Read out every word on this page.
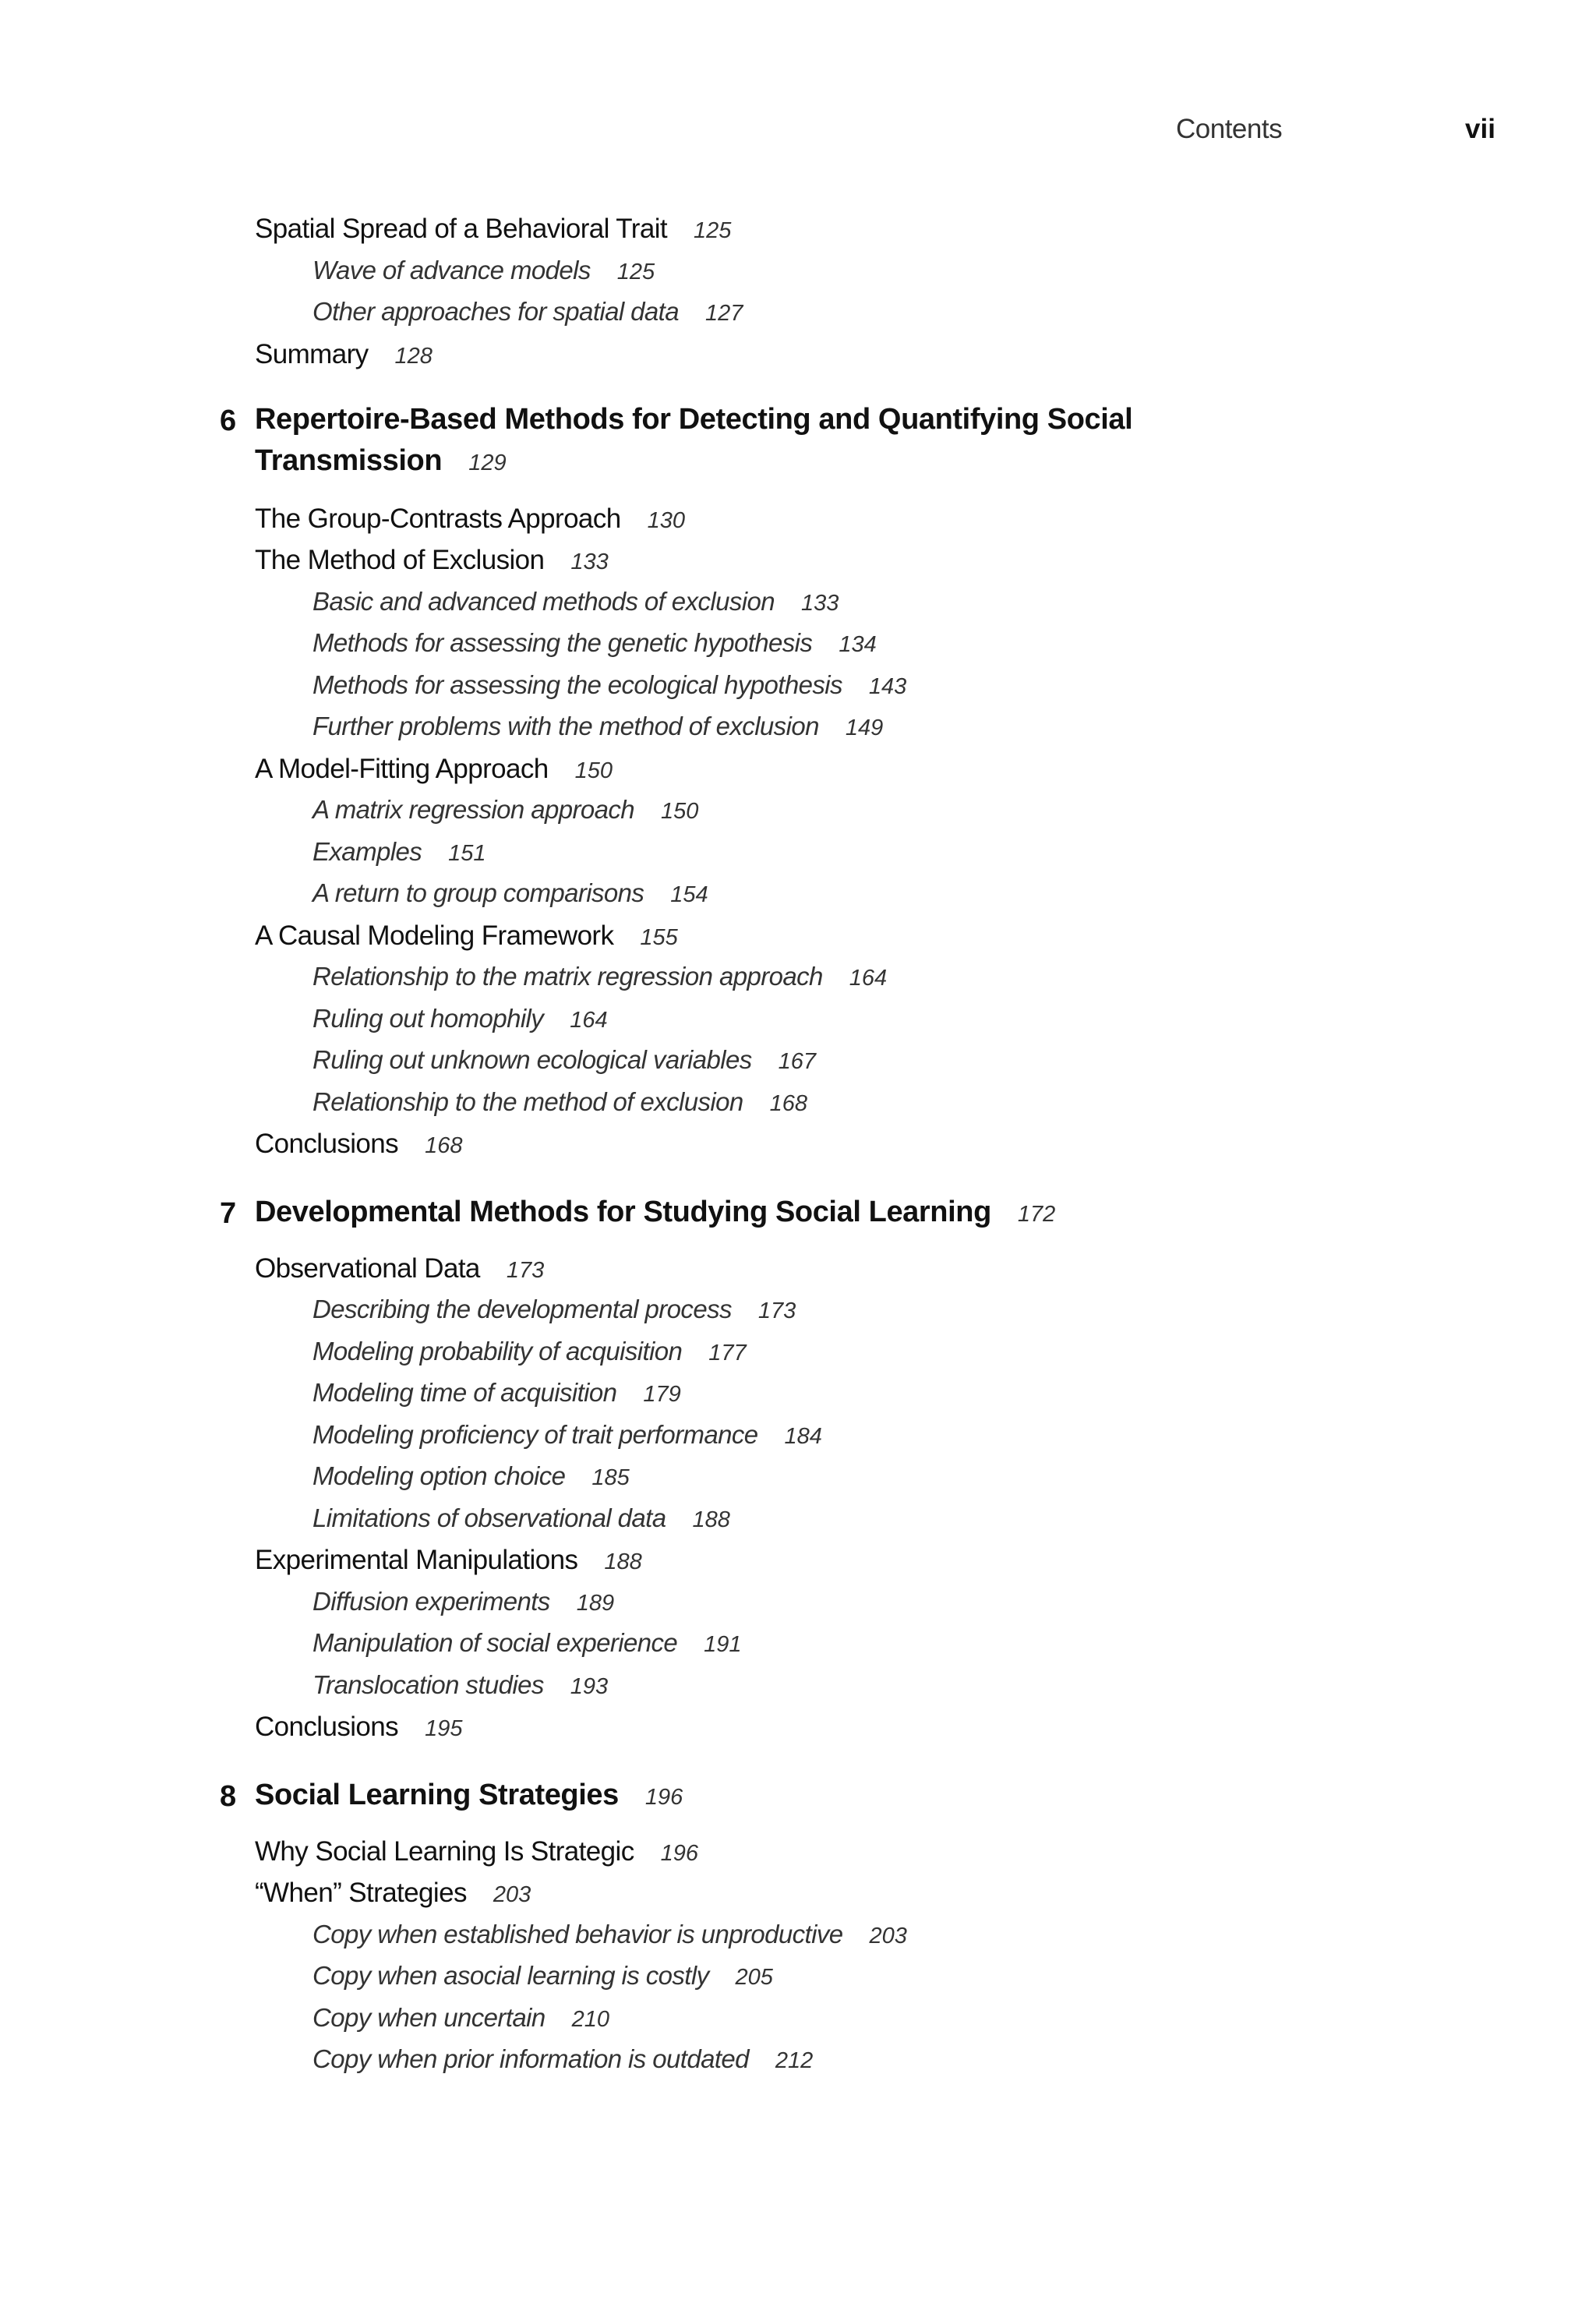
Contents	vii
Spatial Spread of a Behavioral Trait 125
Wave of advance models 125
Other approaches for spatial data 127
Summary 128
6 Repertoire-Based Methods for Detecting and Quantifying Social
Transmission 129
The Group-Contrasts Approach 130
The Method of Exclusion 133
Basic and advanced methods of exclusion 133
Methods for assessing the genetic hypothesis 134
Methods for assessing the ecological hypothesis 143
Further problems with the method of exclusion 149
A Model-Fitting Approach 150
A matrix regression approach 150
Examples 151
A return to group comparisons 154
A Causal Modeling Framework 155
Relationship to the matrix regression approach 164
Ruling out homophily 164
Ruling out unknown ecological variables 167
Relationship to the method of exclusion 168
Conclusions 168
7 Developmental Methods for Studying Social Learning 172
Observational Data 173
Describing the developmental process 173
Modeling probability of acquisition 177
Modeling time of acquisition 179
Modeling proficiency of trait performance 184
Modeling option choice 185
Limitations of observational data 188
Experimental Manipulations 188
Diffusion experiments 189
Manipulation of social experience 191
Translocation studies 193
Conclusions 195
8 Social Learning Strategies 196
Why Social Learning Is Strategic 196
“When” Strategies 203
Copy when established behavior is unproductive 203
Copy when asocial learning is costly 205
Copy when uncertain 210
Copy when prior information is outdated 212
